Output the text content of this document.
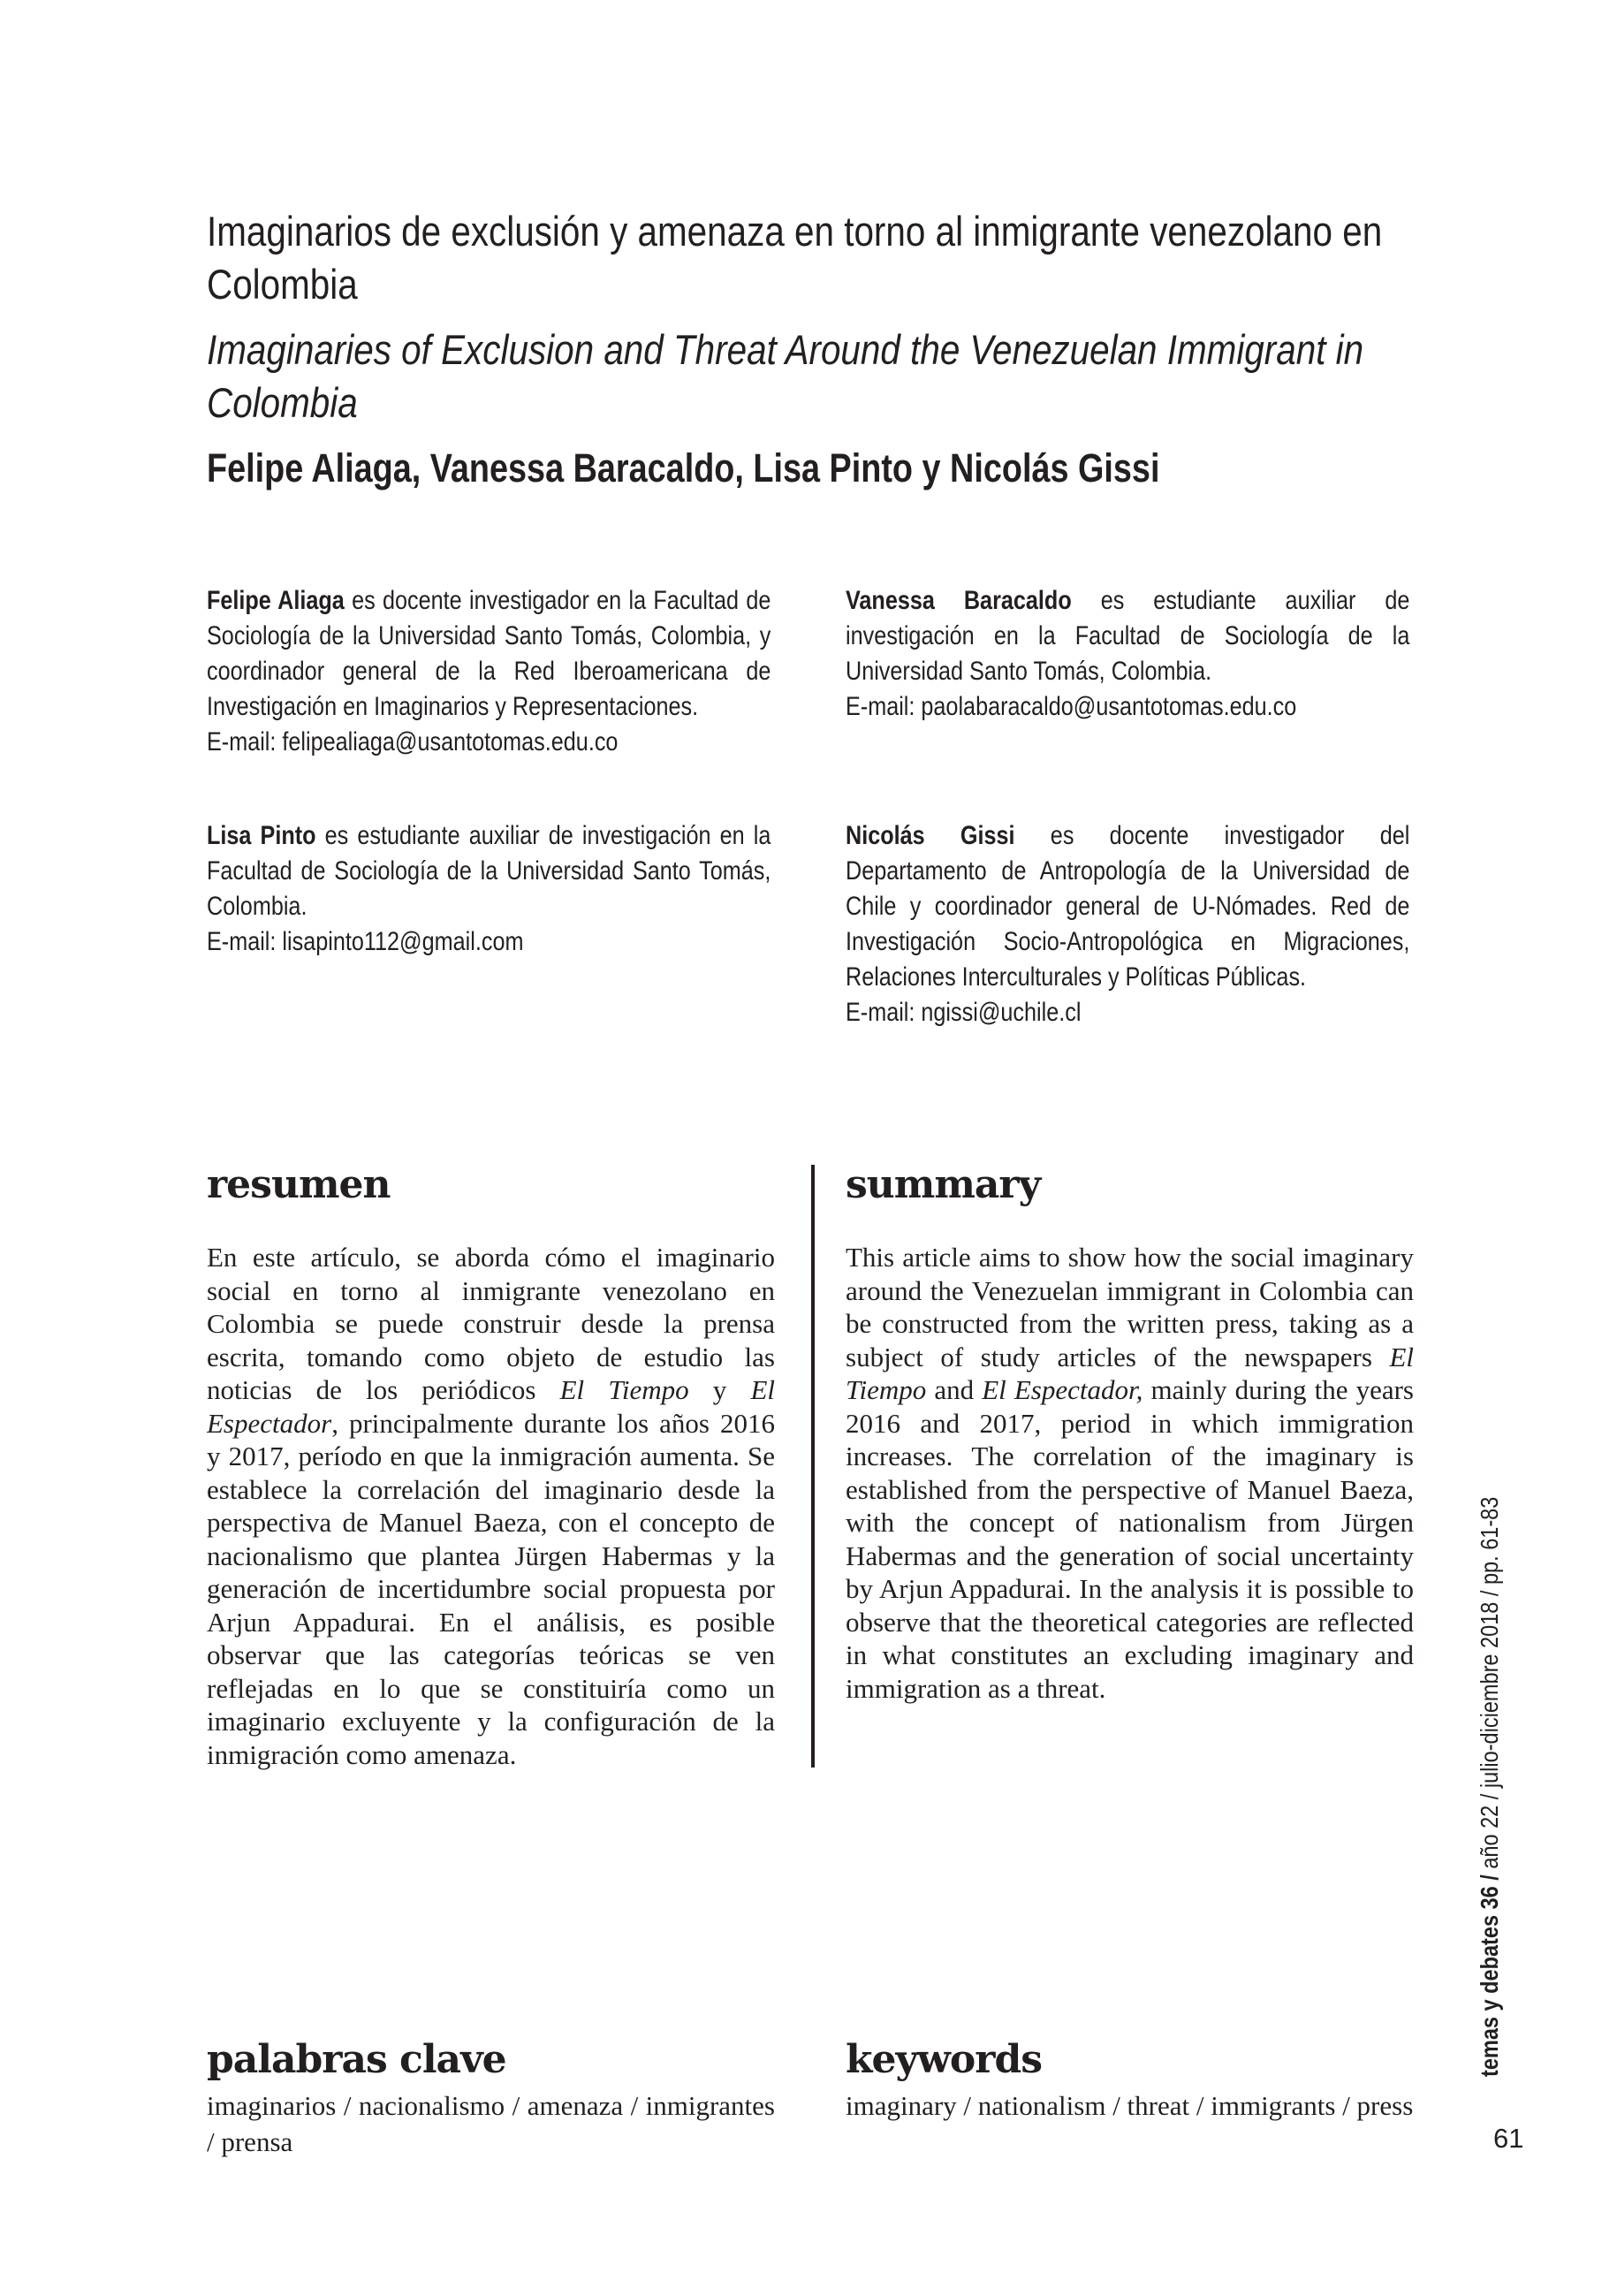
Imaginarios de exclusión y amenaza en torno al inmigrante venezolano en Colombia
Imaginaries of Exclusion and Threat Around the Venezuelan Immigrant in Colombia
Felipe Aliaga, Vanessa Baracaldo, Lisa Pinto y Nicolás Gissi
Felipe Aliaga es docente investigador en la Facultad de Sociología de la Universidad Santo Tomás, Colombia, y coordinador general de la Red Iberoamericana de Investigación en Imaginarios y Representaciones.
E-mail: felipealiaga@usantotomas.edu.co
Vanessa Baracaldo es estudiante auxiliar de investigación en la Facultad de Sociología de la Universidad Santo Tomás, Colombia.
E-mail: paolabaracaldo@usantotomas.edu.co
Lisa Pinto es estudiante auxiliar de investigación en la Facultad de Sociología de la Universidad Santo Tomás, Colombia.
E-mail: lisapinto112@gmail.com
Nicolás Gissi es docente investigador del Departamento de Antropología de la Universidad de Chile y coordinador general de U-Nómades. Red de Investigación Socio-Antropológica en Migraciones, Relaciones Interculturales y Políticas Públicas.
E-mail: ngissi@uchile.cl
resumen	summary
En este artículo, se aborda cómo el imaginario social en torno al inmigrante venezolano en Colombia se puede construir desde la prensa escrita, tomando como objeto de estudio las noticias de los periódicos El Tiempo y El Espectador, principalmente durante los años 2016 y 2017, período en que la inmigración aumenta. Se establece la correlación del imaginario desde la perspectiva de Manuel Baeza, con el concepto de nacionalismo que plantea Jürgen Habermas y la generación de incertidumbre social propuesta por Arjun Appadurai. En el análisis, es posible observar que las categorías teóricas se ven reflejadas en lo que se constituiría como un imaginario excluyente y la configuración de la inmigración como amenaza.
This article aims to show how the social imaginary around the Venezuelan immigrant in Colombia can be constructed from the written press, taking as a subject of study articles of the newspapers El Tiempo and El Espectador, mainly during the years 2016 and 2017, period in which immigration increases. The correlation of the imaginary is established from the perspective of Manuel Baeza, with the concept of nationalism from Jürgen Habermas and the generation of social uncertainty by Arjun Appadurai. In the analysis it is possible to observe that the theoretical categories are reflected in what constitutes an excluding imaginary and immigration as a threat.
palabras clave	keywords
imaginarios / nacionalismo / amenaza / inmigrantes / prensa
imaginary / nationalism / threat / immigrants / press
temas y debates 36 / año 22 / julio-diciembre 2018 / pp. 61-83
61
